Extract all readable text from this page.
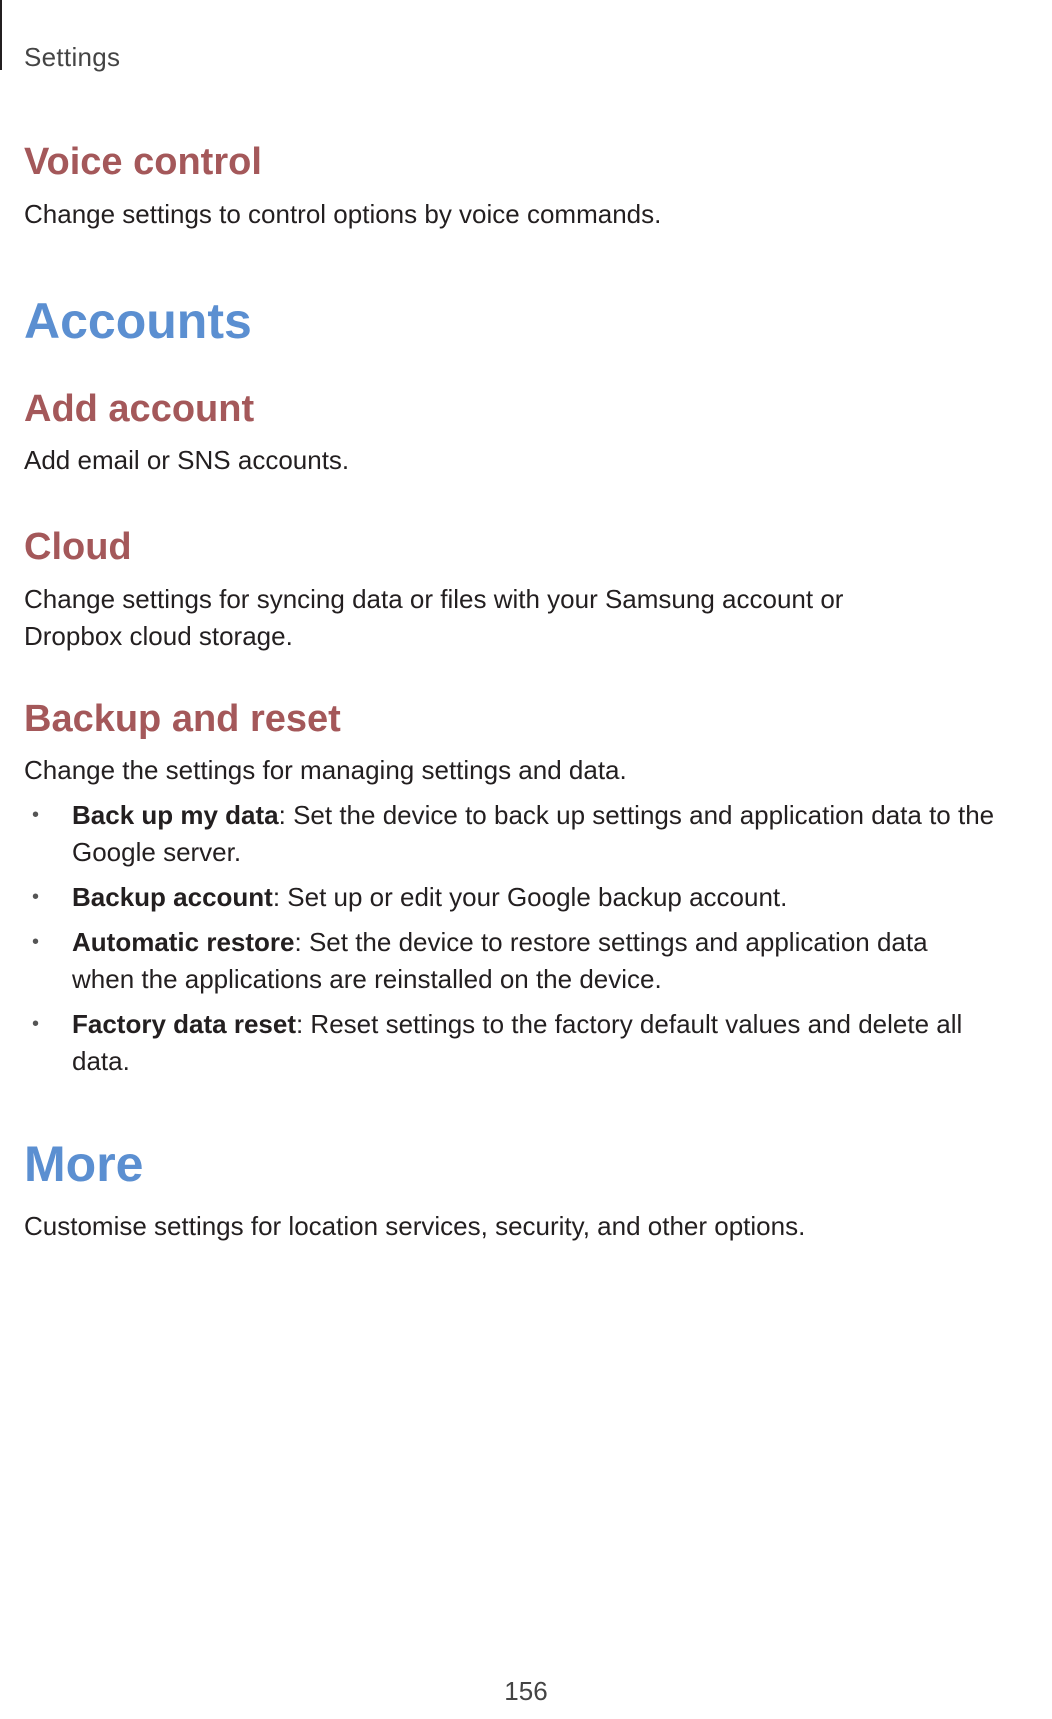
Settings
Voice control

Change settings to control options by voice commands.

Accounts
Add account

Add email or SNS accounts.

Cloud

Change settings for syncing data or files with your Samsung account or Dropbox cloud storage.

Backup and reset

Change the settings for managing settings and data.

• Back up my data: Set the device to back up settings and application data to the Google server.
• Backup account: Set up or edit your Google backup account.
• Automatic restore: Set the device to restore settings and application data when the applications are reinstalled on the device.
• Factory data reset: Reset settings to the factory default values and delete all data.
More

Customise settings for location services, security, and other options.

156
